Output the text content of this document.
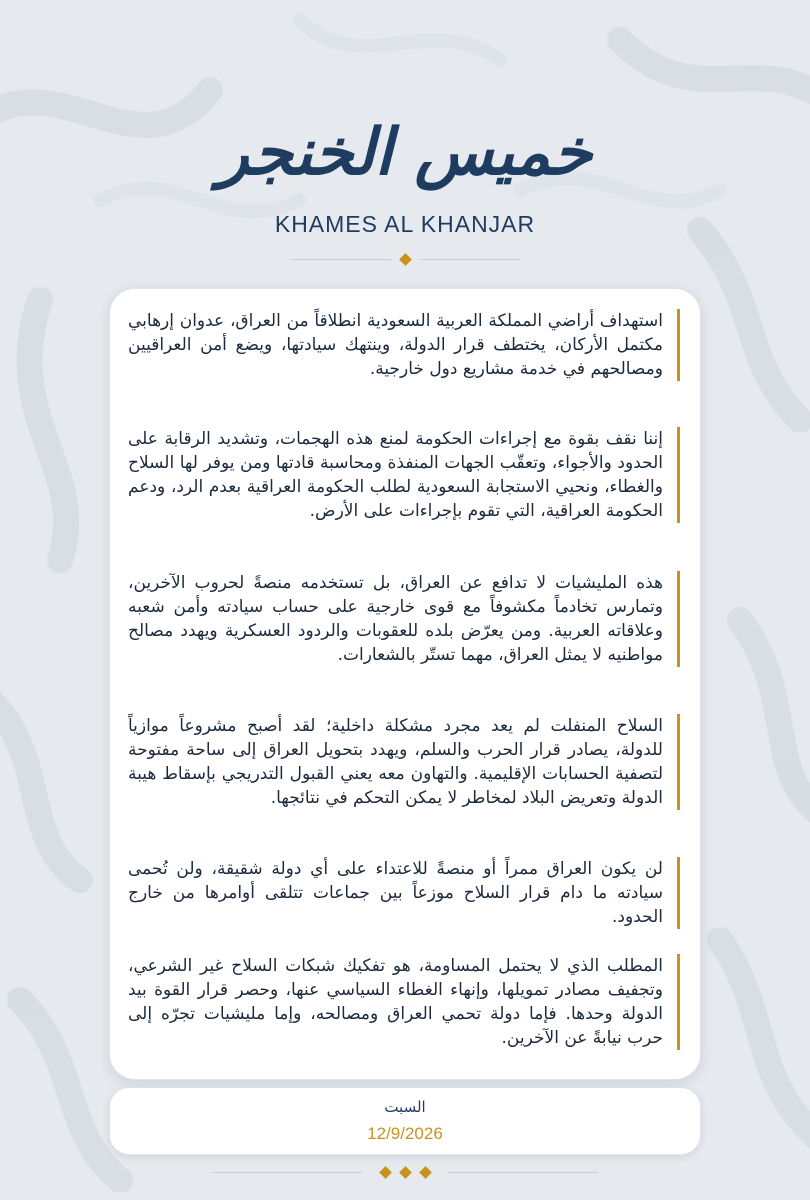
خميس الخنجر
KHAMES AL KHANJAR
استهداف أراضي المملكة العربية السعودية انطلاقاً من العراق، عدوان إرهابي مكتمل الأركان، يختطف قرار الدولة، وينتهك سيادتها، ويضع أمن العراقيين ومصالحهم في خدمة مشاريع دول خارجية.
إننا نقف بقوة مع إجراءات الحكومة لمنع هذه الهجمات، وتشديد الرقابة على الحدود والأجواء، وتعقّب الجهات المنفذة ومحاسبة قادتها ومن يوفر لها السلاح والغطاء، ونحيي الاستجابة السعودية لطلب الحكومة العراقية بعدم الرد، ودعم الحكومة العراقية، التي تقوم بإجراءات على الأرض.
هذه المليشيات لا تدافع عن العراق، بل تستخدمه منصةً لحروب الآخرين، وتمارس تخادماً مكشوفاً مع قوى خارجية على حساب سيادته وأمن شعبه وعلاقاته العربية. ومن يعرّض بلده للعقوبات والردود العسكرية ويهدد مصالح مواطنيه لا يمثل العراق، مهما تستّر بالشعارات.
السلاح المنفلت لم يعد مجرد مشكلة داخلية؛ لقد أصبح مشروعاً موازياً للدولة، يصادر قرار الحرب والسلم، ويهدد بتحويل العراق إلى ساحة مفتوحة لتصفية الحسابات الإقليمية. والتهاون معه يعني القبول التدريجي بإسقاط هيبة الدولة وتعريض البلاد لمخاطر لا يمكن التحكم في نتائجها.
لن يكون العراق ممراً أو منصةً للاعتداء على أي دولة شقيقة، ولن تُحمى سيادته ما دام قرار السلاح موزعاً بين جماعات تتلقى أوامرها من خارج الحدود.
المطلب الذي لا يحتمل المساومة، هو تفكيك شبكات السلاح غير الشرعي، وتجفيف مصادر تمويلها، وإنهاء الغطاء السياسي عنها، وحصر قرار القوة بيد الدولة وحدها. فإما دولة تحمي العراق ومصالحه، وإما مليشيات تجرّه إلى حرب نيابةً عن الآخرين.
السبت
12/9/2026
